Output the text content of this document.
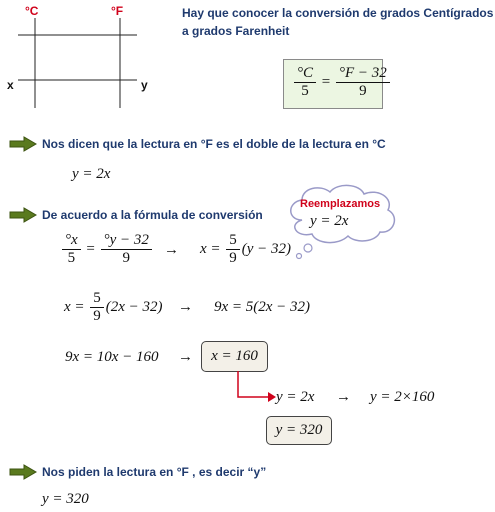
°C	°F
x	y
Hay que conocer la conversión de grados Centígrados
a grados Farenheit
$\frac{^\circ C}{5} = \frac{^\circ F - 32}{9}$
Nos dicen que la lectura en °F es el doble de la lectura en °C
De acuerdo a la fórmula de conversión
Nos piden la lectura en °F , es decir “y”
y = 2x
Reemplazamos
y = 2x
$\frac{^\circ x}{5} = \frac{^\circ y - 32}{9} \to x = \frac{5}{9} (y - 32)$
$x = \frac{5}{9} (2x - 32) \to 9x = 5(2x - 32)$
9x = 10x − 160 →	x = 160
y = 2x → y = 2×160
y = 320
y = 320
